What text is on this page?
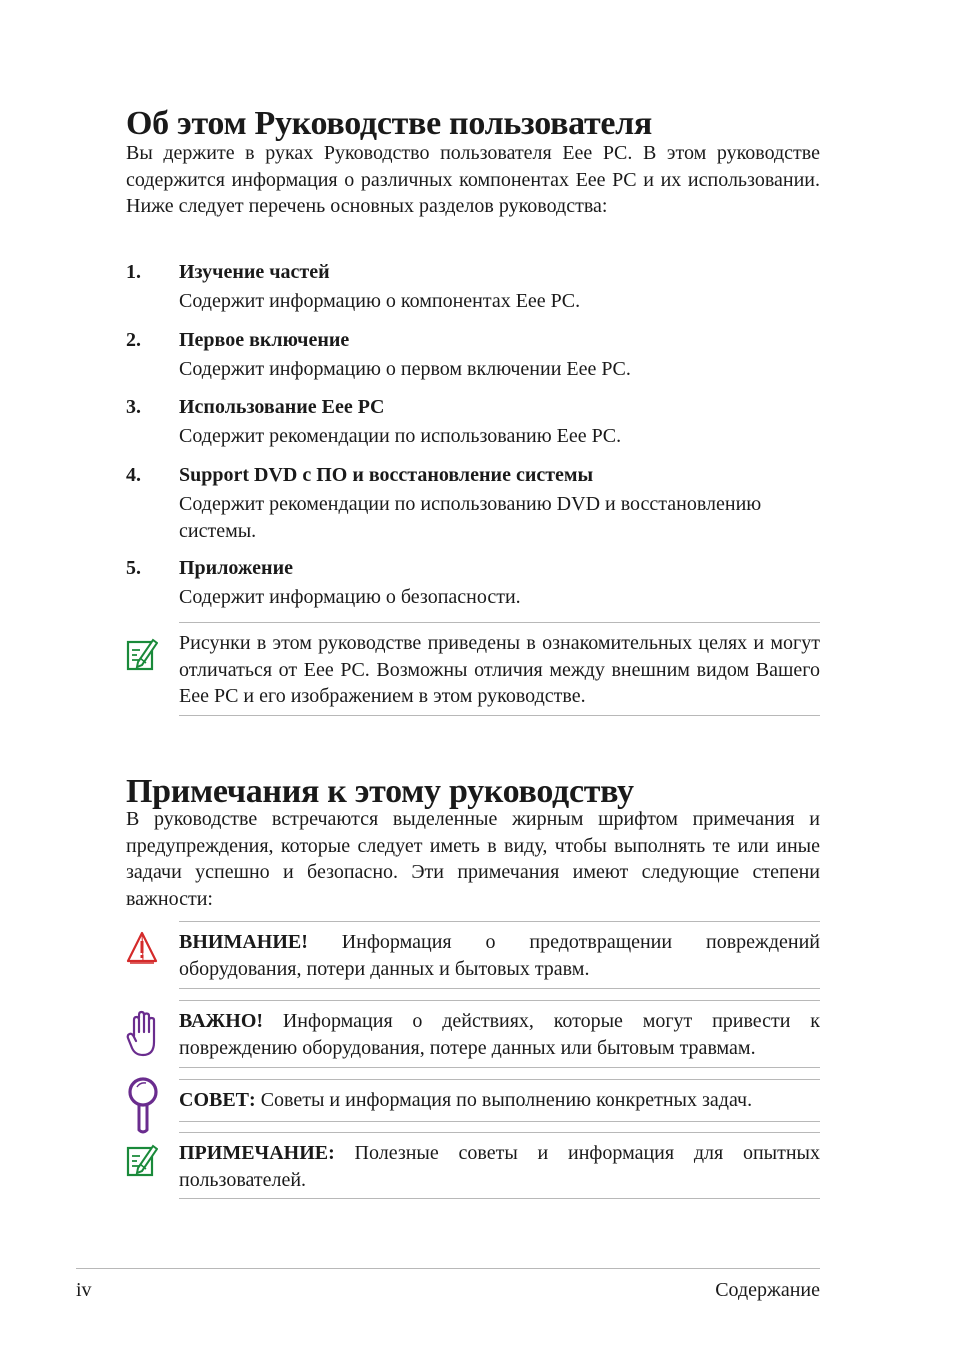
Об этом Руководстве пользователя

Вы держите в руках Руководство пользователя Eee PC. В этом руководстве содержится информация о различных компонентах Eee PC и их использовании. Ниже следует перечень основных разделов руководства:

1. Изучение частей
Содержит информацию о компонентах Eee PC.
2. Первое включение
Содержит информацию о первом включении Eee PC.
3. Использование Eee PC
Содержит рекомендации по использованию Eee PC.
4. Support DVD с ПО и восстановление системы
Содержит рекомендации по использованию DVD и восстановлению системы.
5. Приложение
Содержит информацию о безопасности.
Рисунки в этом руководстве приведены в ознакомительных целях и могут отличаться от Eee PC. Возможны отличия между внешним видом Вашего Eee PC и его изображением в этом руководстве.
Примечания к этому руководству

В руководстве встречаются выделенные жирным шрифтом примечания и предупреждения, которые следует иметь в виду, чтобы выполнять те или иные задачи успешно и безопасно. Эти примечания имеют следующие степени важности:

ВНИМАНИЕ! Информация о предотвращении повреждений оборудования, потери данных и бытовых травм.
ВАЖНО! Информация о действиях, которые могут привести к повреждению оборудования, потере данных или бытовым травмам.
СОВЕТ: Советы и информация по выполнению конкретных задач.
ПРИМЕЧАНИЕ: Полезные советы и информация для опытных пользователей.
iv	Содержание
